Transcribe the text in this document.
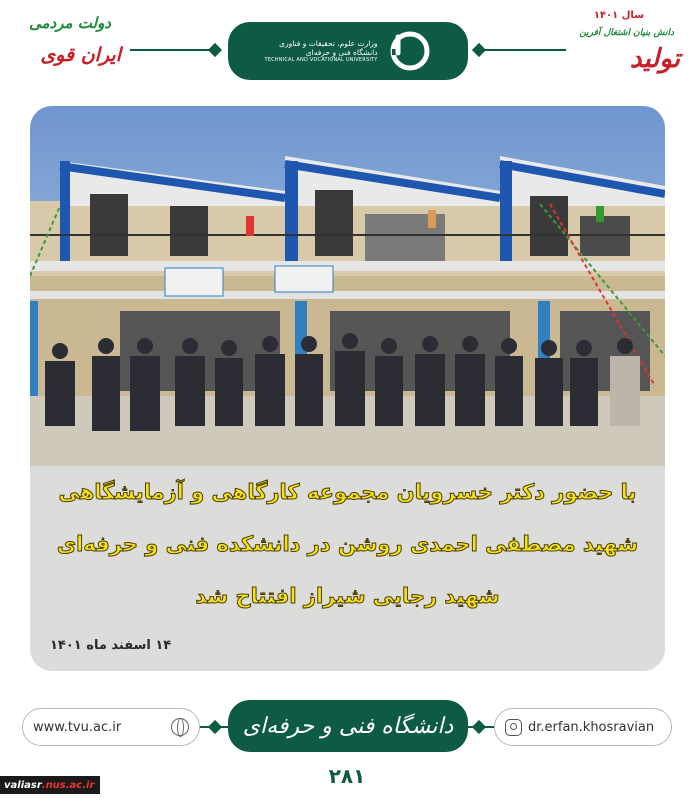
دولت مردمی
ایران قوی
وزارت علوم، تحقیقات و فناوری
دانشگاه فنی و حرفه‌ای
TECHNICAL AND VOCATIONAL UNIVERSITY
سال ۱۴۰۱
دانش بنیان اشتغال آفرین
تولید
با حضور دکتر خسرویان مجموعه کارگاهی و آزمایشگاهی
شهید مصطفی احمدی روشن در دانشکده فنی و حرفه‌ای
شهید رجایی شیراز افتتاح شد
۱۴ اسفند ماه ۱۴۰۱
www.tvu.ac.ir	دانشگاه فنی و حرفه‌ای	dr.erfan.khosravian
۲۸۱
valiasr .nus.ac.ir
